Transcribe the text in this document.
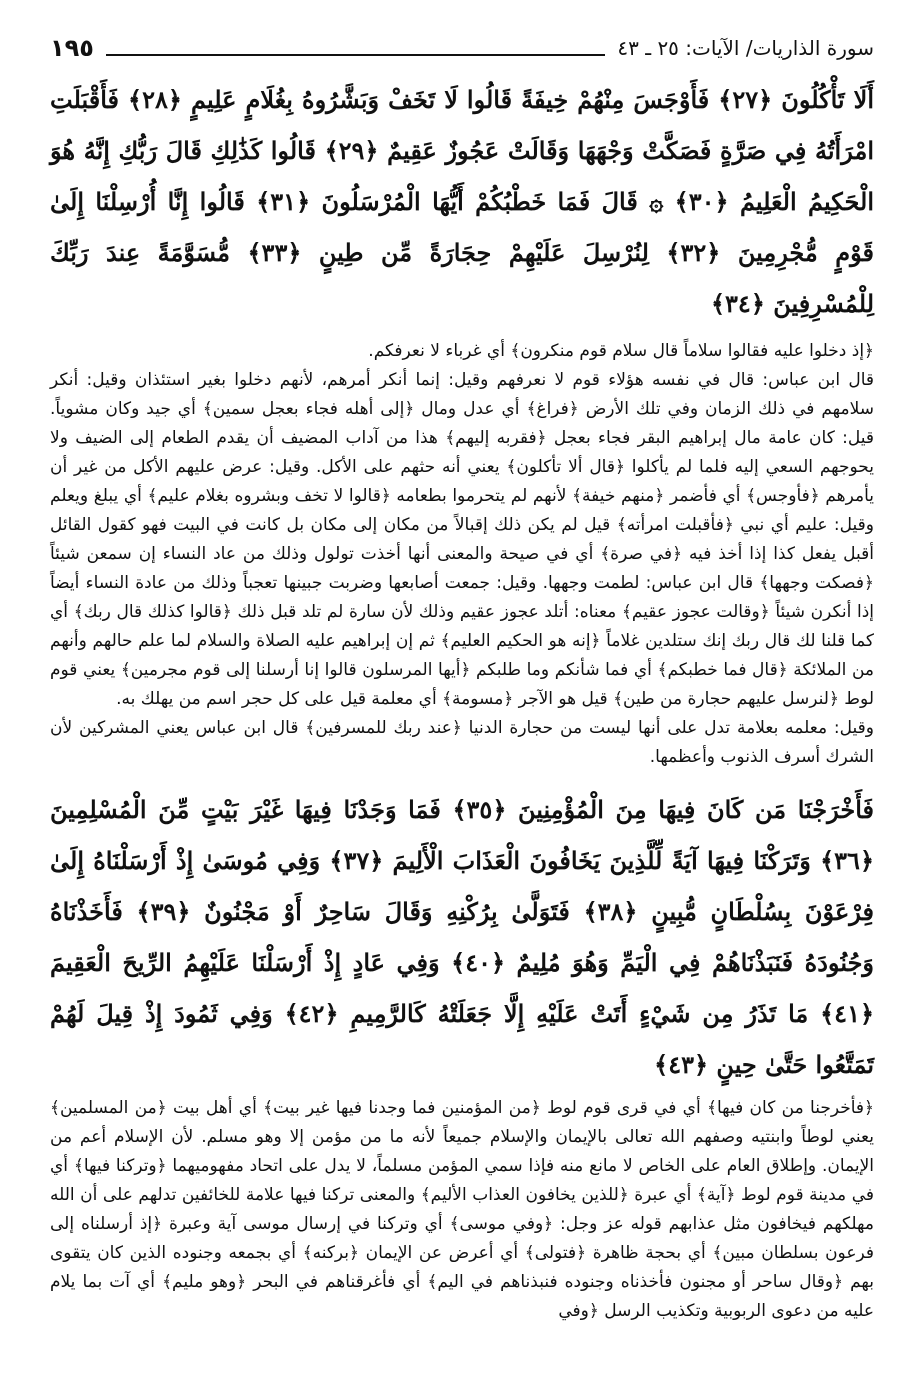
سورة الذاريات/ الآيات: ٢٥ ـ ٤٣
١٩٥

أَلَا تَأْكُلُونَ ﴿٢٧﴾ فَأَوْجَسَ مِنْهُمْ خِيفَةً قَالُوا لَا تَخَفْ وَبَشَّرُوهُ بِغُلَامٍ عَلِيمٍ ﴿٢٨﴾ فَأَقْبَلَتِ امْرَأَتُهُ فِي صَرَّةٍ فَصَكَّتْ وَجْهَهَا وَقَالَتْ عَجُوزٌ عَقِيمٌ ﴿٢٩﴾ قَالُوا كَذَٰلِكِ قَالَ رَبُّكِ إِنَّهُ هُوَ الْحَكِيمُ الْعَلِيمُ ﴿٣٠﴾ ۞ قَالَ فَمَا خَطْبُكُمْ أَيُّهَا الْمُرْسَلُونَ ﴿٣١﴾ قَالُوا إِنَّا أُرْسِلْنَا إِلَىٰ قَوْمٍ مُّجْرِمِينَ ﴿٣٢﴾ لِنُرْسِلَ عَلَيْهِمْ حِجَارَةً مِّن طِينٍ ﴿٣٣﴾ مُّسَوَّمَةً عِندَ رَبِّكَ لِلْمُسْرِفِينَ ﴿٣٤﴾

﴿إذ دخلوا عليه فقالوا سلاماً قال سلام قوم منكرون﴾ أي غرباء لا نعرفكم.

قال ابن عباس: قال في نفسه هؤلاء قوم لا نعرفهم وقيل: إنما أنكر أمرهم، لأنهم دخلوا بغير استئذان وقيل: أنكر سلامهم في ذلك الزمان وفي تلك الأرض ﴿فراغ﴾ أي عدل ومال ﴿إلى أهله فجاء بعجل سمين﴾ أي جيد وكان مشوياً. قيل: كان عامة مال إبراهيم البقر فجاء بعجل ﴿فقربه إليهم﴾ هذا من آداب المضيف أن يقدم الطعام إلى الضيف ولا يحوجهم السعي إليه فلما لم يأكلوا ﴿قال ألا تأكلون﴾ يعني أنه حثهم على الأكل. وقيل: عرض عليهم الأكل من غير أن يأمرهم ﴿فأوجس﴾ أي فأضمر ﴿منهم خيفة﴾ لأنهم لم يتحرموا بطعامه ﴿قالوا لا تخف وبشروه بغلام عليم﴾ أي يبلغ ويعلم وقيل: عليم أي نبي ﴿فأقبلت امرأته﴾ قيل لم يكن ذلك إقبالاً من مكان إلى مكان بل كانت في البيت فهو كقول القائل أقبل يفعل كذا إذا أخذ فيه ﴿في صرة﴾ أي في صيحة والمعنى أنها أخذت تولول وذلك من عاد النساء إن سمعن شيئاً ﴿فصكت وجهها﴾ قال ابن عباس: لطمت وجهها. وقيل: جمعت أصابعها وضربت جبينها تعجباً وذلك من عادة النساء أيضاً إذا أنكرن شيئاً ﴿وقالت عجوز عقيم﴾ معناه: أتلد عجوز عقيم وذلك لأن سارة لم تلد قبل ذلك ﴿قالوا كذلك قال ربك﴾ أي كما قلنا لك قال ربك إنك ستلدين غلاماً ﴿إنه هو الحكيم العليم﴾ ثم إن إبراهيم عليه الصلاة والسلام لما علم حالهم وأنهم من الملائكة ﴿قال فما خطبكم﴾ أي فما شأنكم وما طلبكم ﴿أيها المرسلون قالوا إنا أرسلنا إلى قوم مجرمين﴾ يعني قوم لوط ﴿لنرسل عليهم حجارة من طين﴾ قيل هو الآجر ﴿مسومة﴾ أي معلمة قيل على كل حجر اسم من يهلك به.

وقيل: معلمه بعلامة تدل على أنها ليست من حجارة الدنيا ﴿عند ربك للمسرفين﴾ قال ابن عباس يعني المشركين لأن الشرك أسرف الذنوب وأعظمها.

فَأَخْرَجْنَا مَن كَانَ فِيهَا مِنَ الْمُؤْمِنِينَ ﴿٣٥﴾ فَمَا وَجَدْنَا فِيهَا غَيْرَ بَيْتٍ مِّنَ الْمُسْلِمِينَ ﴿٣٦﴾ وَتَرَكْنَا فِيهَا آيَةً لِّلَّذِينَ يَخَافُونَ الْعَذَابَ الْأَلِيمَ ﴿٣٧﴾ وَفِي مُوسَىٰ إِذْ أَرْسَلْنَاهُ إِلَىٰ فِرْعَوْنَ بِسُلْطَانٍ مُّبِينٍ ﴿٣٨﴾ فَتَوَلَّىٰ بِرُكْنِهِ وَقَالَ سَاحِرٌ أَوْ مَجْنُونٌ ﴿٣٩﴾ فَأَخَذْنَاهُ وَجُنُودَهُ فَنَبَذْنَاهُمْ فِي الْيَمِّ وَهُوَ مُلِيمٌ ﴿٤٠﴾ وَفِي عَادٍ إِذْ أَرْسَلْنَا عَلَيْهِمُ الرِّيحَ الْعَقِيمَ ﴿٤١﴾ مَا تَذَرُ مِن شَيْءٍ أَتَتْ عَلَيْهِ إِلَّا جَعَلَتْهُ كَالرَّمِيمِ ﴿٤٢﴾ وَفِي ثَمُودَ إِذْ قِيلَ لَهُمْ تَمَتَّعُوا حَتَّىٰ حِينٍ ﴿٤٣﴾

﴿فأخرجنا من كان فيها﴾ أي في قرى قوم لوط ﴿من المؤمنين فما وجدنا فيها غير بيت﴾ أي أهل بيت ﴿من المسلمين﴾ يعني لوطاً وابنتيه وصفهم الله تعالى بالإيمان والإسلام جميعاً لأنه ما من مؤمن إلا وهو مسلم. لأن الإسلام أعم من الإيمان. وإطلاق العام على الخاص لا مانع منه فإذا سمي المؤمن مسلماً، لا يدل على اتحاد مفهوميهما ﴿وتركنا فيها﴾ أي في مدينة قوم لوط ﴿آية﴾ أي عبرة ﴿للذين يخافون العذاب الأليم﴾ والمعنى تركنا فيها علامة للخائفين تدلهم على أن الله مهلكهم فيخافون مثل عذابهم قوله عز وجل: ﴿وفي موسى﴾ أي وتركنا في إرسال موسى آية وعبرة ﴿إذ أرسلناه إلى فرعون بسلطان مبين﴾ أي بحجة ظاهرة ﴿فتولى﴾ أي أعرض عن الإيمان ﴿بركنه﴾ أي بجمعه وجنوده الذين كان يتقوى بهم ﴿وقال ساحر أو مجنون فأخذناه وجنوده فنبذناهم في اليم﴾ أي فأغرقناهم في البحر ﴿وهو مليم﴾ أي آت بما يلام عليه من دعوى الربوبية وتكذيب الرسل ﴿وفي
